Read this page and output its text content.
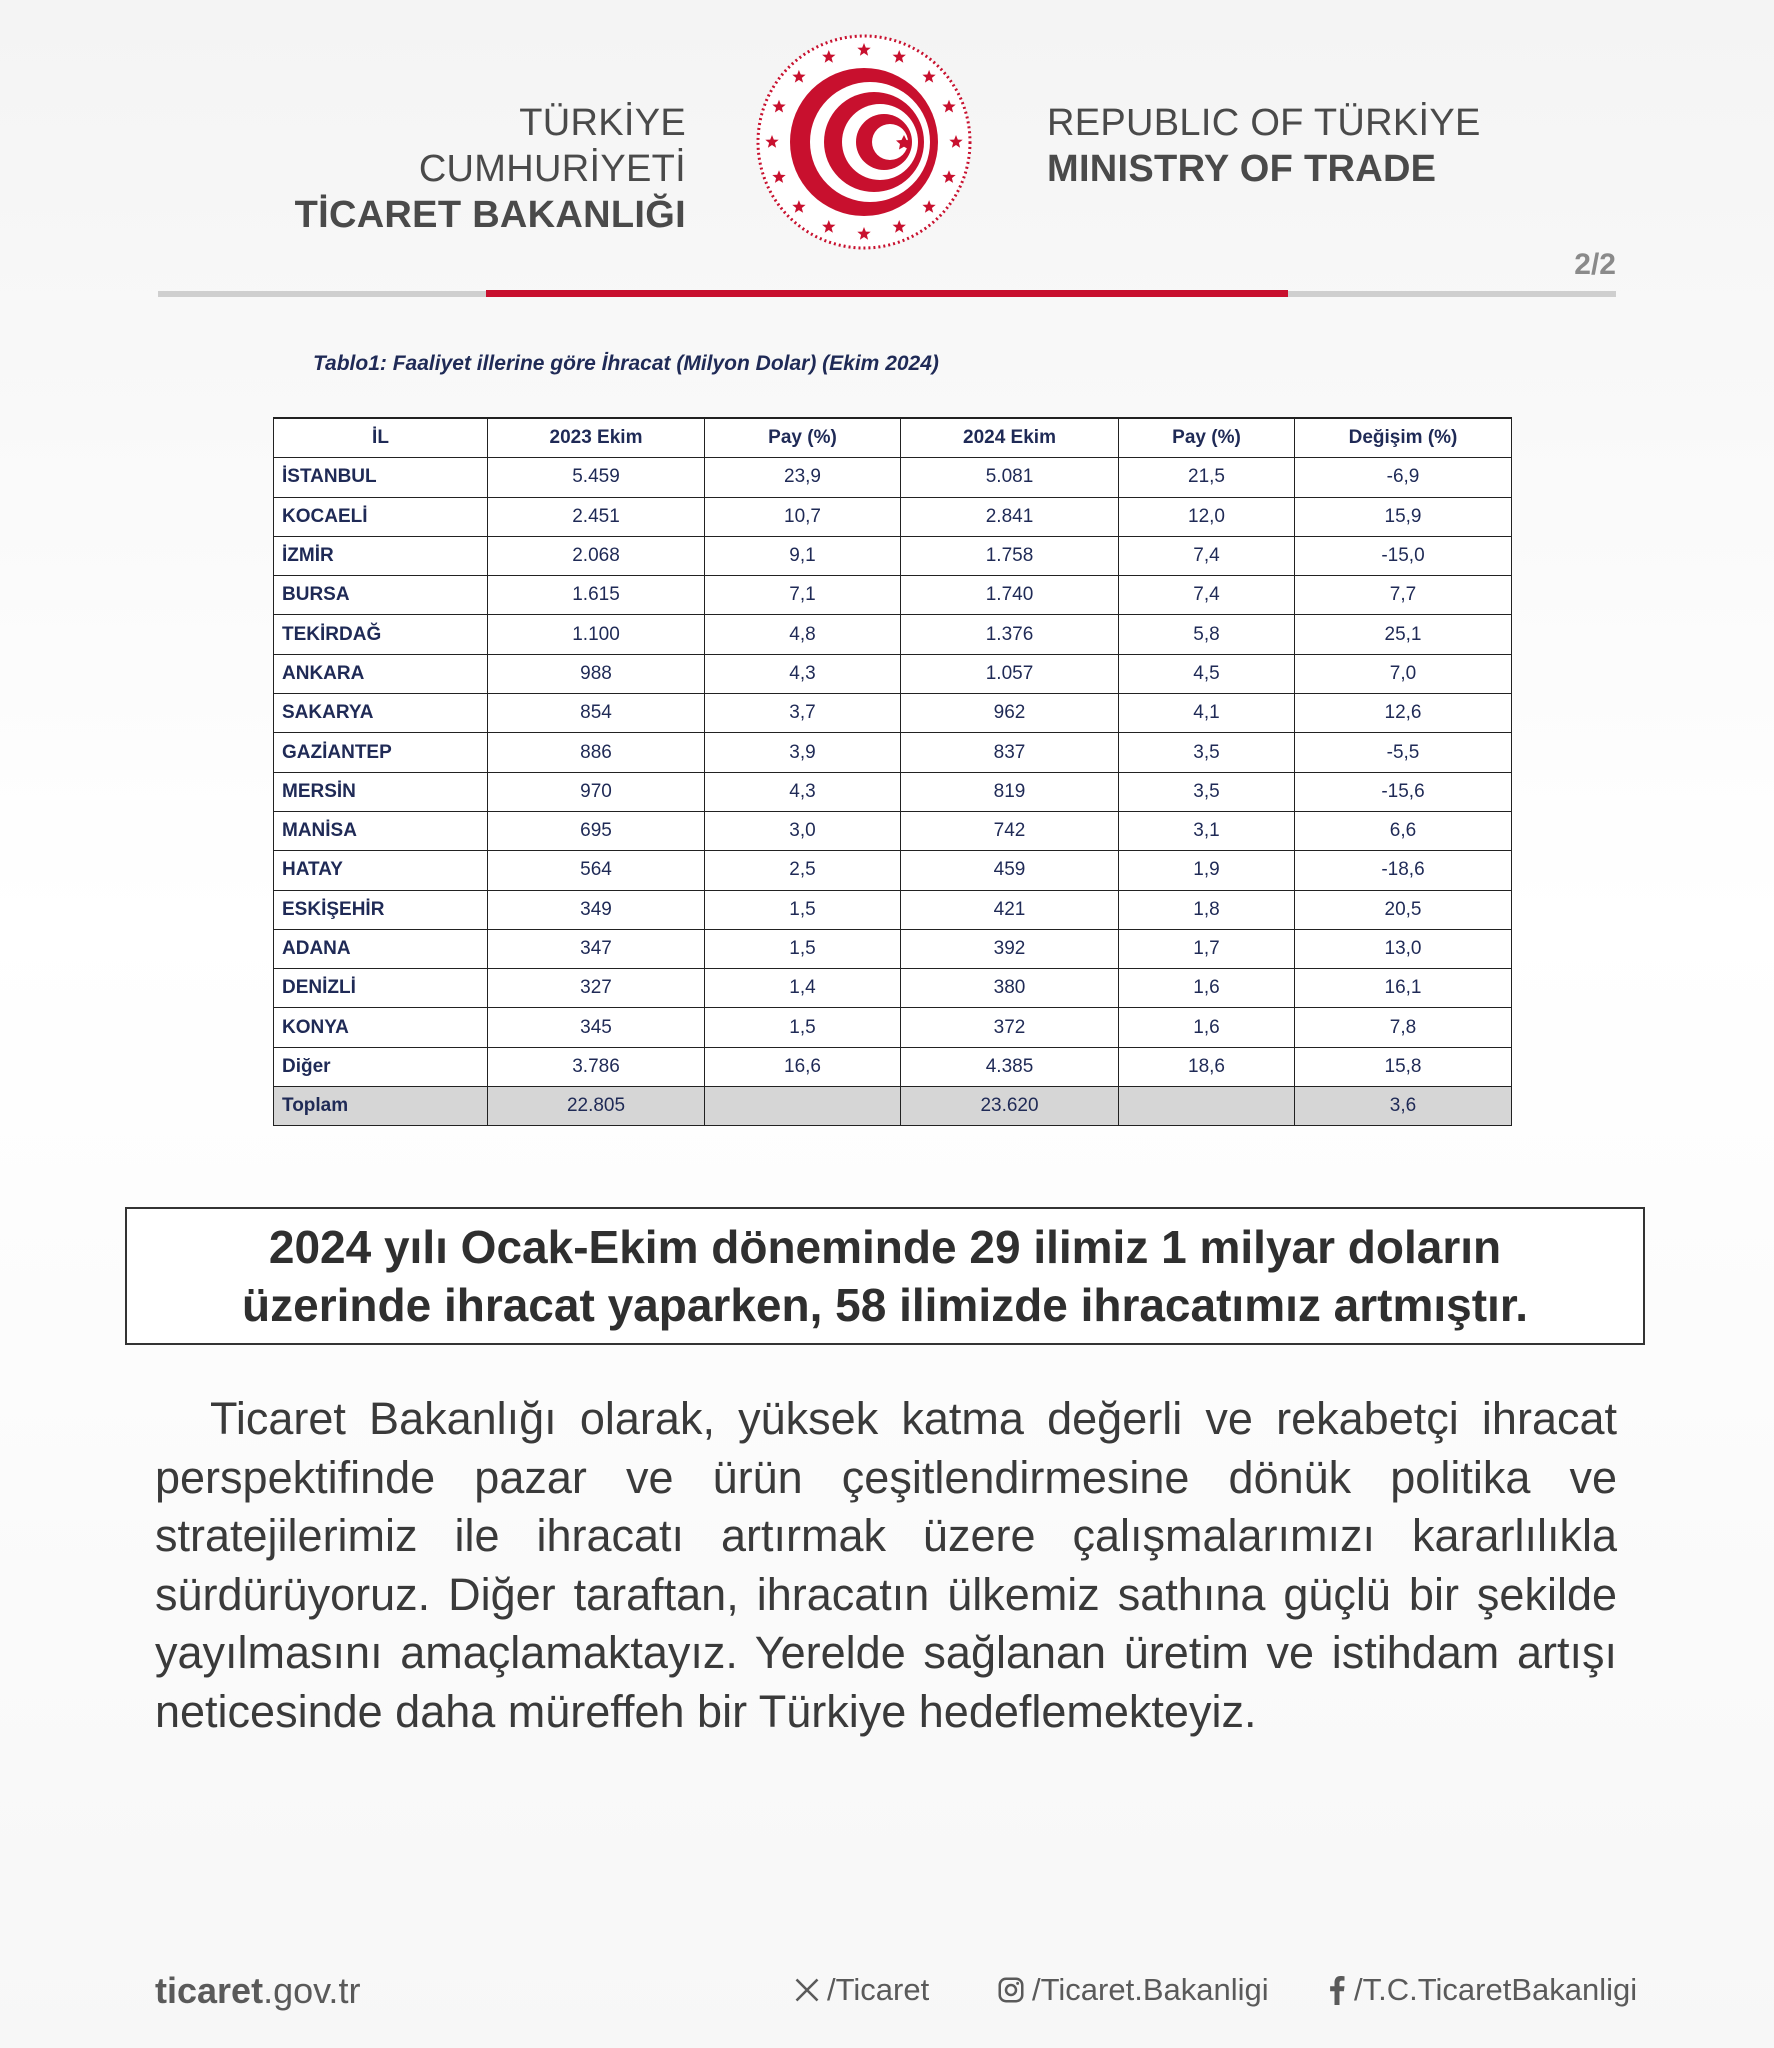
TÜRKİYE CUMHURİYETİ
TİCARET BAKANLIĞI
REPUBLIC OF TÜRKİYE
MINISTRY OF TRADE
2/2
Tablo1: Faaliyet illerine göre İhracat (Milyon Dolar) (Ekim 2024)
İL	2023 Ekim	Pay (%)	2024 Ekim	Pay (%)	Değişim (%)
İSTANBUL	5.459	23,9	5.081	21,5	-6,9
KOCAELİ	2.451	10,7	2.841	12,0	15,9
İZMİR	2.068	9,1	1.758	7,4	-15,0
BURSA	1.615	7,1	1.740	7,4	7,7
TEKİRDAĞ	1.100	4,8	1.376	5,8	25,1
ANKARA	988	4,3	1.057	4,5	7,0
SAKARYA	854	3,7	962	4,1	12,6
GAZİANTEP	886	3,9	837	3,5	-5,5
MERSİN	970	4,3	819	3,5	-15,6
MANİSA	695	3,0	742	3,1	6,6
HATAY	564	2,5	459	1,9	-18,6
ESKİŞEHİR	349	1,5	421	1,8	20,5
ADANA	347	1,5	392	1,7	13,0
DENİZLİ	327	1,4	380	1,6	16,1
KONYA	345	1,5	372	1,6	7,8
Diğer	3.786	16,6	4.385	18,6	15,8
Toplam	22.805		23.620		3,6
2024 yılı Ocak-Ekim döneminde 29 ilimiz 1 milyar doların
üzerinde ihracat yaparken, 58 ilimizde ihracatımız artmıştır.
Ticaret Bakanlığı olarak, yüksek katma değerli ve rekabetçi ihracat perspektifinde pazar ve ürün çeşitlendirmesine dönük politika ve stratejilerimiz ile ihracatı artırmak üzere çalışmalarımızı kararlılıkla sürdürüyoruz. Diğer taraftan, ihracatın ülkemiz sathına güçlü bir şekilde yayılmasını amaçlamaktayız. Yerelde sağlanan üretim ve istihdam artışı neticesinde daha müreffeh bir Türkiye hedeflemekteyiz.
ticaret.gov.tr	/Ticaret	/Ticaret.Bakanligi	/T.C.TicaretBakanligi
